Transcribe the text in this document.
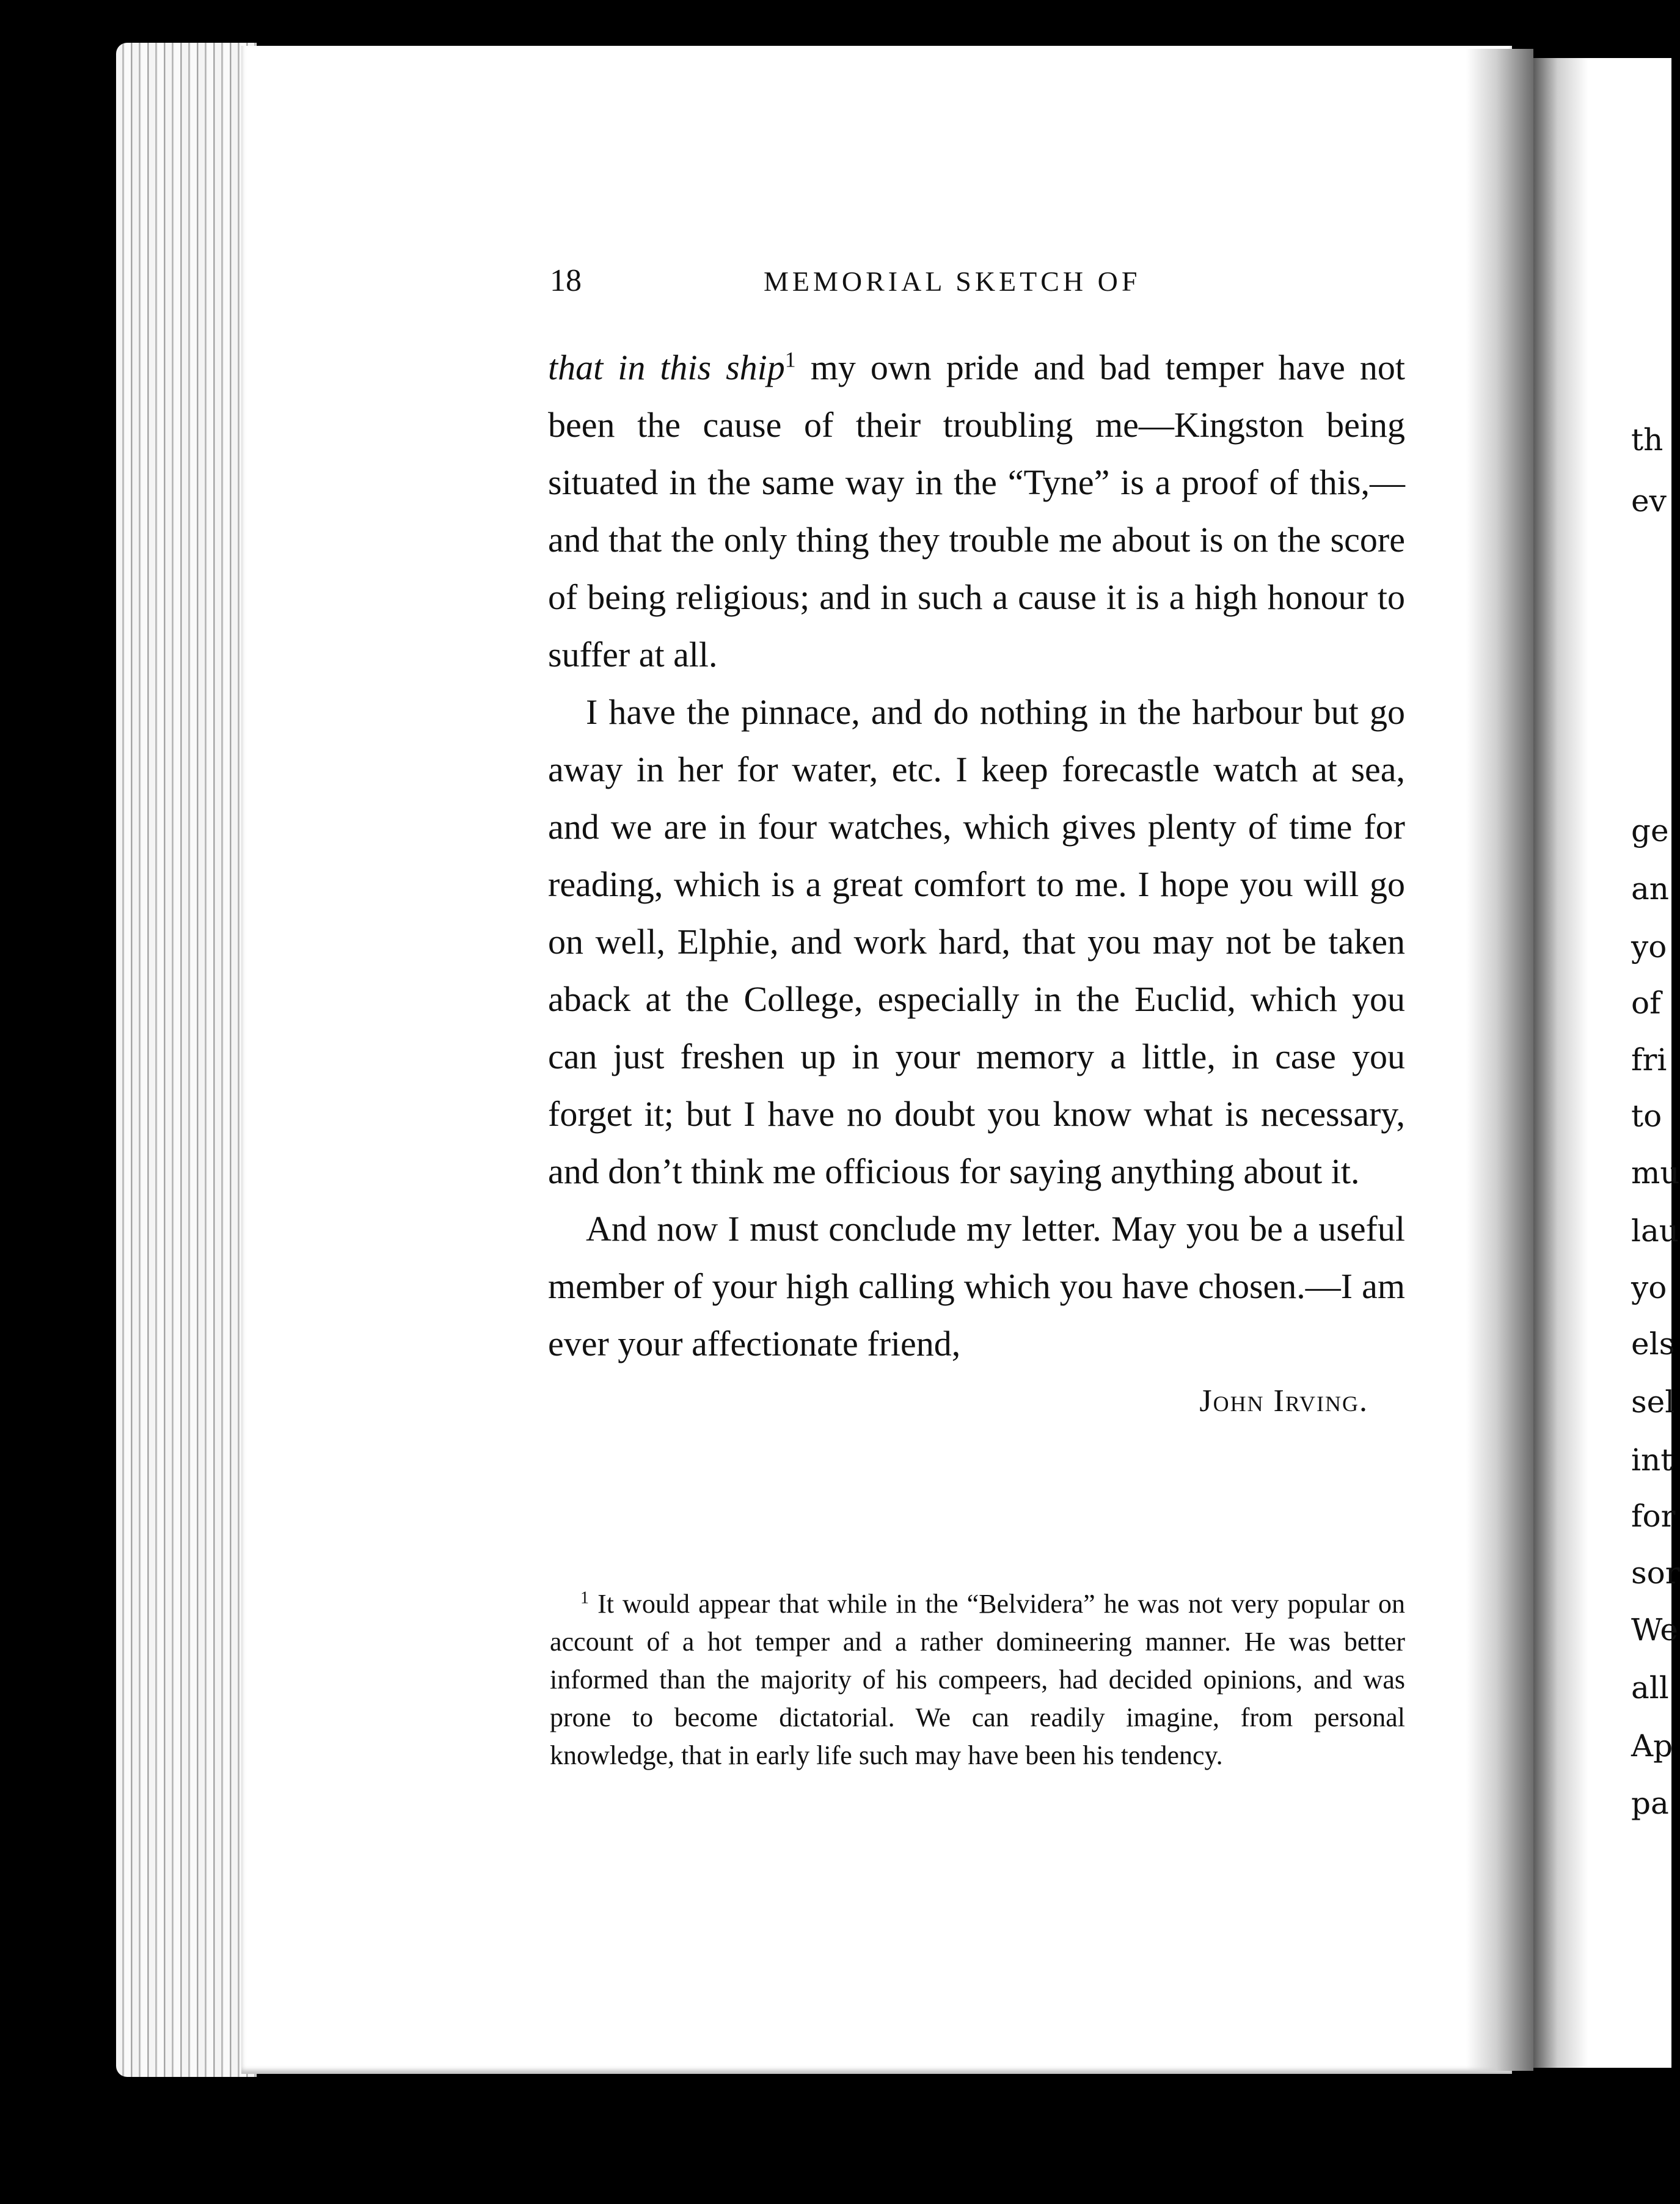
th

ev

ge

an

yo

of

fri

to

mu

lau

yo

els

sel

int

for

sor

We

all

Ap

pa

18	MEMORIAL SKETCH OF

that in this ship$^1$ my own pride and bad temper have not been the cause of their troubling me—Kingston being situated in the same way in the “Tyne” is a proof of this,—and that the only thing they trouble me about is on the score of being religious; and in such a cause it is a high honour to suffer at all.

I have the pinnace, and do nothing in the harbour but go away in her for water, etc. I keep forecastle watch at sea, and we are in four watches, which gives plenty of time for reading, which is a great comfort to me. I hope you will go on well, Elphie, and work hard, that you may not be taken aback at the College, especially in the Euclid, which you can just freshen up in your memory a little, in case you forget it; but I have no doubt you know what is necessary, and don’t think me officious for saying anything about it.

And now I must conclude my letter. May you be a useful member of your high calling which you have chosen.—I am ever your affectionate friend,

John Irving.

$^1$ It would appear that while in the “Belvidera” he was not very popular on account of a hot temper and a rather domineering manner. He was better informed than the majority of his compeers, had decided opinions, and was prone to become dictatorial. We can readily imagine, from personal knowledge, that in early life such may have been his tendency.
